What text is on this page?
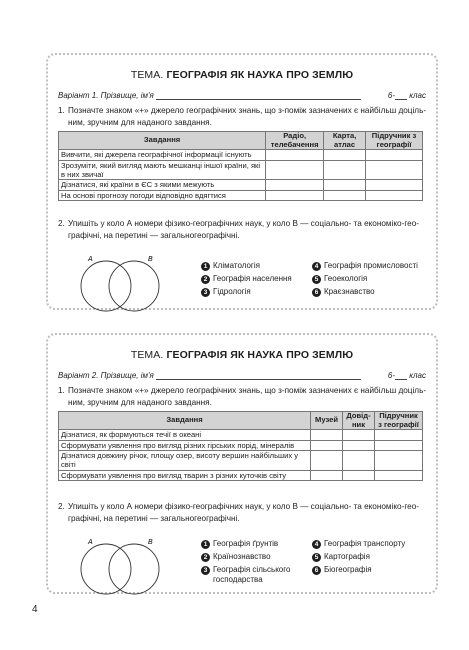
ТЕМА. ГЕОГРАФІЯ ЯК НАУКА ПРО ЗЕМЛЮ
Варіант 1. Прізвище, ім'я	6- клас
1. Позначте знаком «+» джерело географічних знань, що з-поміж зазначених є найбільш доцільним, зручним для наданого завдання.
Завдання	Радіо, телебачення	Карта, атлас	Підручник з географії
Вивчити, які джерела географічної інформації існують			
Зрозуміти, який вигляд мають мешканці іншої країни, які в них звичаї			
Дізнатися, які країни в ЄС з якими межують			
На основі прогнозу погоди відповідно вдягтися			
2. Упишіть у коло А номери фізико-географічних наук, у коло В — соціально- та економіко-географічні, на перетині — загальногеографічні.
A	B
1 Кліматологія
2 Географія населення
3 Гідрологія
4 Географія промисловості
5 Геоекологія
6 Краєзнавство
ТЕМА. ГЕОГРАФІЯ ЯК НАУКА ПРО ЗЕМЛЮ
Варіант 2. Прізвище, ім'я	6- клас
1. Позначте знаком «+» джерело географічних знань, що з-поміж зазначених є найбільш доцільним, зручним для наданого завдання.
Завдання	Музей	Довідник	Підручник з географії
Дізнатися, як формуються течії в океані			
Сформувати уявлення про вигляд різних гірських порід, мінералів			
Дізнатися довжину річок, площу озер, висоту вершин найбільших у світі			
Сформувати уявлення про вигляд тварин з різних куточків світу			
2. Упишіть у коло А номери фізико-географічних наук, у коло В — соціально- та економіко-географічні, на перетині — загальногеографічні.
A	B	1 Географія ґрунтів
2 Країнознавство
3 Географія сільського господарства
4 Географія транспорту
5 Картографія
6 Біогеографія
4
